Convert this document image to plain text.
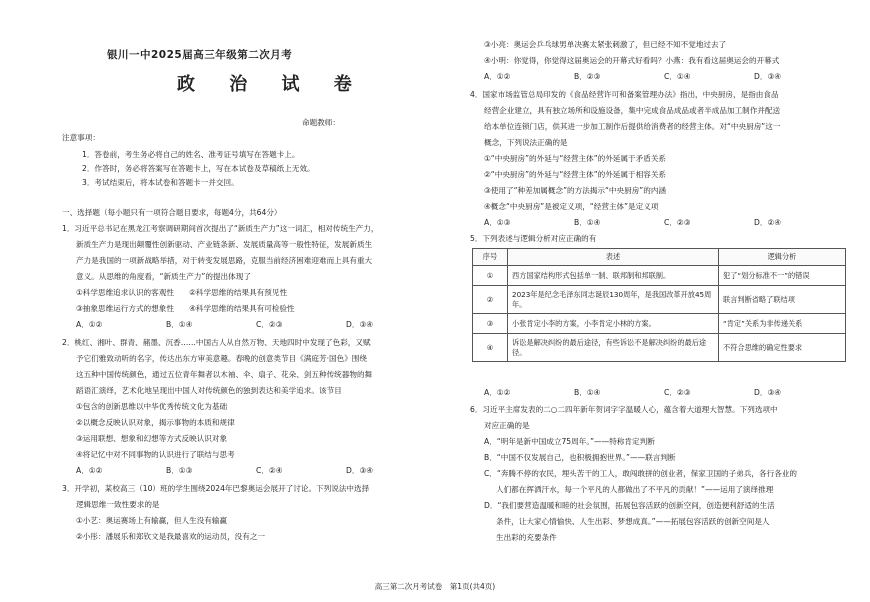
银川一中2025届高三年级第二次月考
政 治 试 卷
命题教师：
注意事项：
1．答卷前，考生务必将自己的姓名、准考证号填写在答题卡上。
2．作答时，务必将答案写在答题卡上，写在本试卷及草稿纸上无效。
3．考试结束后，将本试卷和答题卡一并交回。
一、选择题（每小题只有一项符合题目要求，每题4分，共64分）
1．习近平总书记在黑龙江考察调研期间首次提出了“新质生产力”这一词汇，相对传统生产力，
新质生产力是现出颠覆性创新驱动、产业链条新、发展质量高等一般性特征，发展新质生
产力是我国的一项新战略举措，对于转变发展思路，克服当前经济困难迎难而上具有重大
意义。从思维的角度看，“新质生产力”的提出体现了
①科学思维追求认识的客观性　　②科学思维的结果具有预见性
③抽象思维运行方式的想象性　　④科学思维的结果具有可检验性
A．①②	B．①④	C．②③	D．③④
2．桃红、湘叶、群青、赭墨、沉香……中国古人从自然万物、天地四时中发现了色彩，又赋
予它们雅致动听的名字，传达出东方审美意趣。春晚的创意类节目《满庭芳·国色》围绕
这五种中国传统颜色，通过五位青年舞者以木袖、伞、扇子、花朵、剑五种传统器物的舞
蹈语汇演绎，艺术化地呈现出中国人对传统颜色的独到表达和美学追求。该节目
①包含的创新思维以中华优秀传统文化为基础
②以概念反映认识对象，揭示事物的本质和规律
③运用联想、想象和幻想等方式反映认识对象
④将记忆中对不同事物的认识进行了联结与思考
A．①②	B．①③	C．②④	D．③④
3．开学初，某校高三（10）班的学生围绕2024年巴黎奥运会展开了讨论。下列说法中选择
逻辑思维一致性要求的是
①小艺：奥运赛场上有输赢，但人生没有输赢
②小彤：潘展乐和郑钦文是我最喜欢的运动员，没有之一
③小亮：奥运会乒乓球男单决赛太紧张刺激了，但已经不知不觉地过去了
④小明：你觉得，你觉得这届奥运会的开幕式好看吗？小燕：我有看这届奥运会的开幕式
A．①②	B．②③	C．①④	D．③④
4．国家市场监管总局印发的《食品经营许可和备案管理办法》指出，中央厨房，是指由食品
经营企业建立，具有独立场所和设施设备，集中完成食品成品或者半成品加工制作并配送
给本单位连锁门店，供其进一步加工制作后提供给消费者的经营主体。对“中央厨房”这一
概念，下列说法正确的是
①“中央厨房”的外延与“经营主体”的外延属于矛盾关系
②“中央厨房”的外延与“经营主体”的外延属于相容关系
③使用了“种差加属概念”的方法揭示“中央厨房”的内涵
④概念“中央厨房”是被定义项，“经营主体”是定义项
A．①③	B．①④	C．②③	D．②④
5．下列表述与逻辑分析对应正确的有
序号	表述	逻辑分析
①	西方国家结构形式包括单一制、联邦制和邦联制。	犯了“划分标准不一”的错误
②	2023年是纪念毛泽东同志诞辰130周年，是我国改革开放45周年。	联言判断省略了联结项
③	小张肯定小李的方案，小李肯定小林的方案。	“肯定”关系为非传递关系
④	诉讼是解决纠纷的最后途径，有些诉讼不是解决纠纷的最后途径。	不符合思维的确定性要求
A．①②	B．①④	C．②③	D．③④
6．习近平主席发表的二○二四年新年贺词字字温暖人心，蕴含着大道理大智慧。下列选项中
对应正确的是
A．“明年是新中国成立75周年。”——特称肯定判断
B．“中国不仅发展自己，也积极拥抱世界。”——联言判断
C．“奔腾不停的农民，埋头苦干的工人，敢闯敢拼的创业者，保家卫国的子弟兵，各行各业的
人们都在挥洒汗水，每一个平凡的人都做出了不平凡的贡献！”——运用了演绎推理
D．“我们要营造温暖和睦的社会氛围，拓展包容活跃的创新空间，创造便利舒适的生活
条件，让大家心情愉快、人生出彩、梦想成真。”——拓展包容活跃的创新空间是人
生出彩的充要条件
高三第二次月考试卷　第1页(共4页)
